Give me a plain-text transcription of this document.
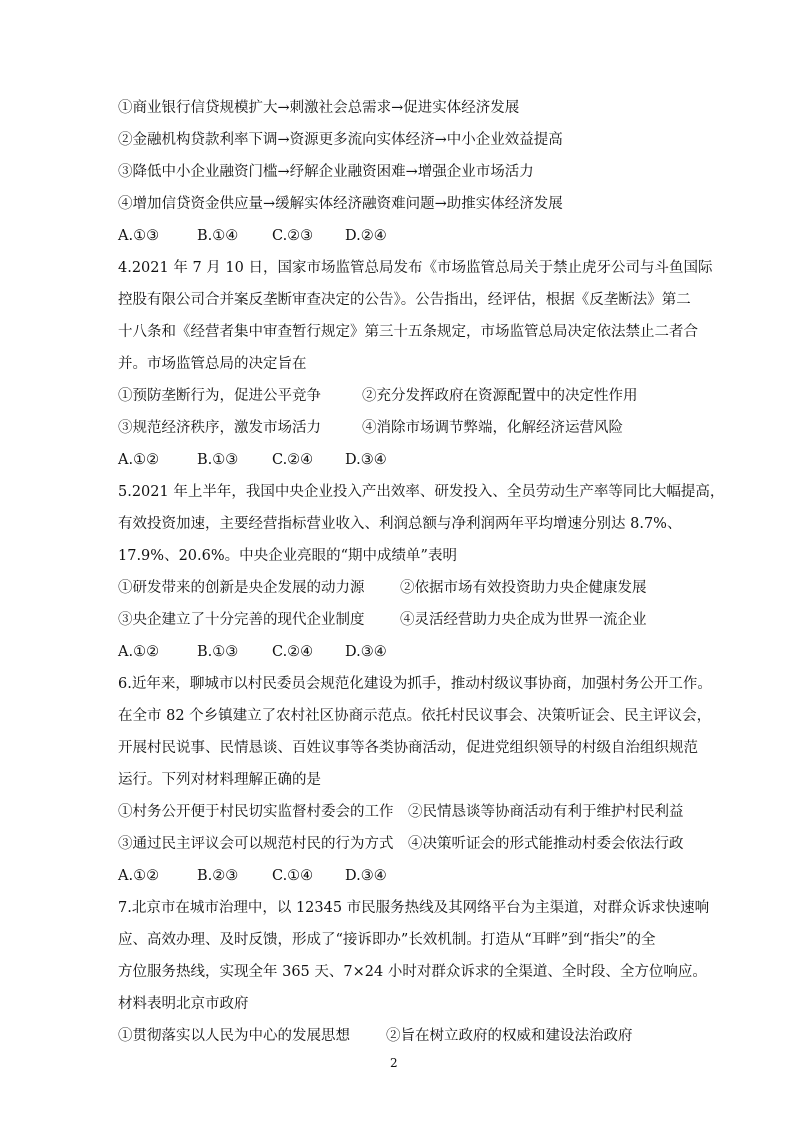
①商业银行信贷规模扩大→刺激社会总需求→促进实体经济发展
②金融机构贷款利率下调→资源更多流向实体经济→中小企业效益提高
③降低中小企业融资门槛→纾解企业融资困难→增强企业市场活力
④增加信贷资金供应量→缓解实体经济融资难问题→助推实体经济发展
A.①③	B.①④ C.②③ D.②④
4.2021 年 7 月 10 日，国家市场监管总局发布《市场监管总局关于禁止虎牙公司与斗鱼国际
控股有限公司合并案反垄断审查决定的公告》。公告指出，经评估，根据《反垄断法》第二
十八条和《经营者集中审查暂行规定》第三十五条规定，市场监管总局决定依法禁止二者合
并。市场监管总局的决定旨在
①预防垄断行为，促进公平竞争	②充分发挥政府在资源配置中的决定性作用
③规范经济秩序，激发市场活力	④消除市场调节弊端，化解经济运营风险
A.①②	B.①③ C.②④ D.③④
5.2021 年上半年，我国中央企业投入产出效率、研发投入、全员劳动生产率等同比大幅提高，
有效投资加速，主要经营指标营业收入、利润总额与净利润两年平均增速分别达 8.7%、
17.9%、20.6%。中央企业亮眼的“期中成绩单”表明
①研发带来的创新是央企发展的动力源 ②依据市场有效投资助力央企健康发展
③央企建立了十分完善的现代企业制度 ④灵活经营助力央企成为世界一流企业
A.①②	B.①③ C.②④ D.③④
6.近年来，聊城市以村民委员会规范化建设为抓手，推动村级议事协商，加强村务公开工作。
在全市 82 个乡镇建立了农村社区协商示范点。依托村民议事会、决策听证会、民主评议会，
开展村民说事、民情恳谈、百姓议事等各类协商活动，促进党组织领导的村级自治组织规范
运行。下列对材料理解正确的是
①村务公开便于村民切实监督村委会的工作 ②民情恳谈等协商活动有利于维护村民利益
③通过民主评议会可以规范村民的行为方式 ④决策听证会的形式能推动村委会依法行政
A.①②	B.②③ C.①④ D.③④
7.北京市在城市治理中，以 12345 市民服务热线及其网络平台为主渠道，对群众诉求快速响
应、高效办理、及时反馈，形成了“接诉即办”长效机制。打造从“耳畔”到“指尖”的全
方位服务热线，实现全年 365 天、7×24 小时对群众诉求的全渠道、全时段、全方位响应。
材料表明北京市政府
①贯彻落实以人民为中心的发展思想 ②旨在树立政府的权威和建设法治政府
2
